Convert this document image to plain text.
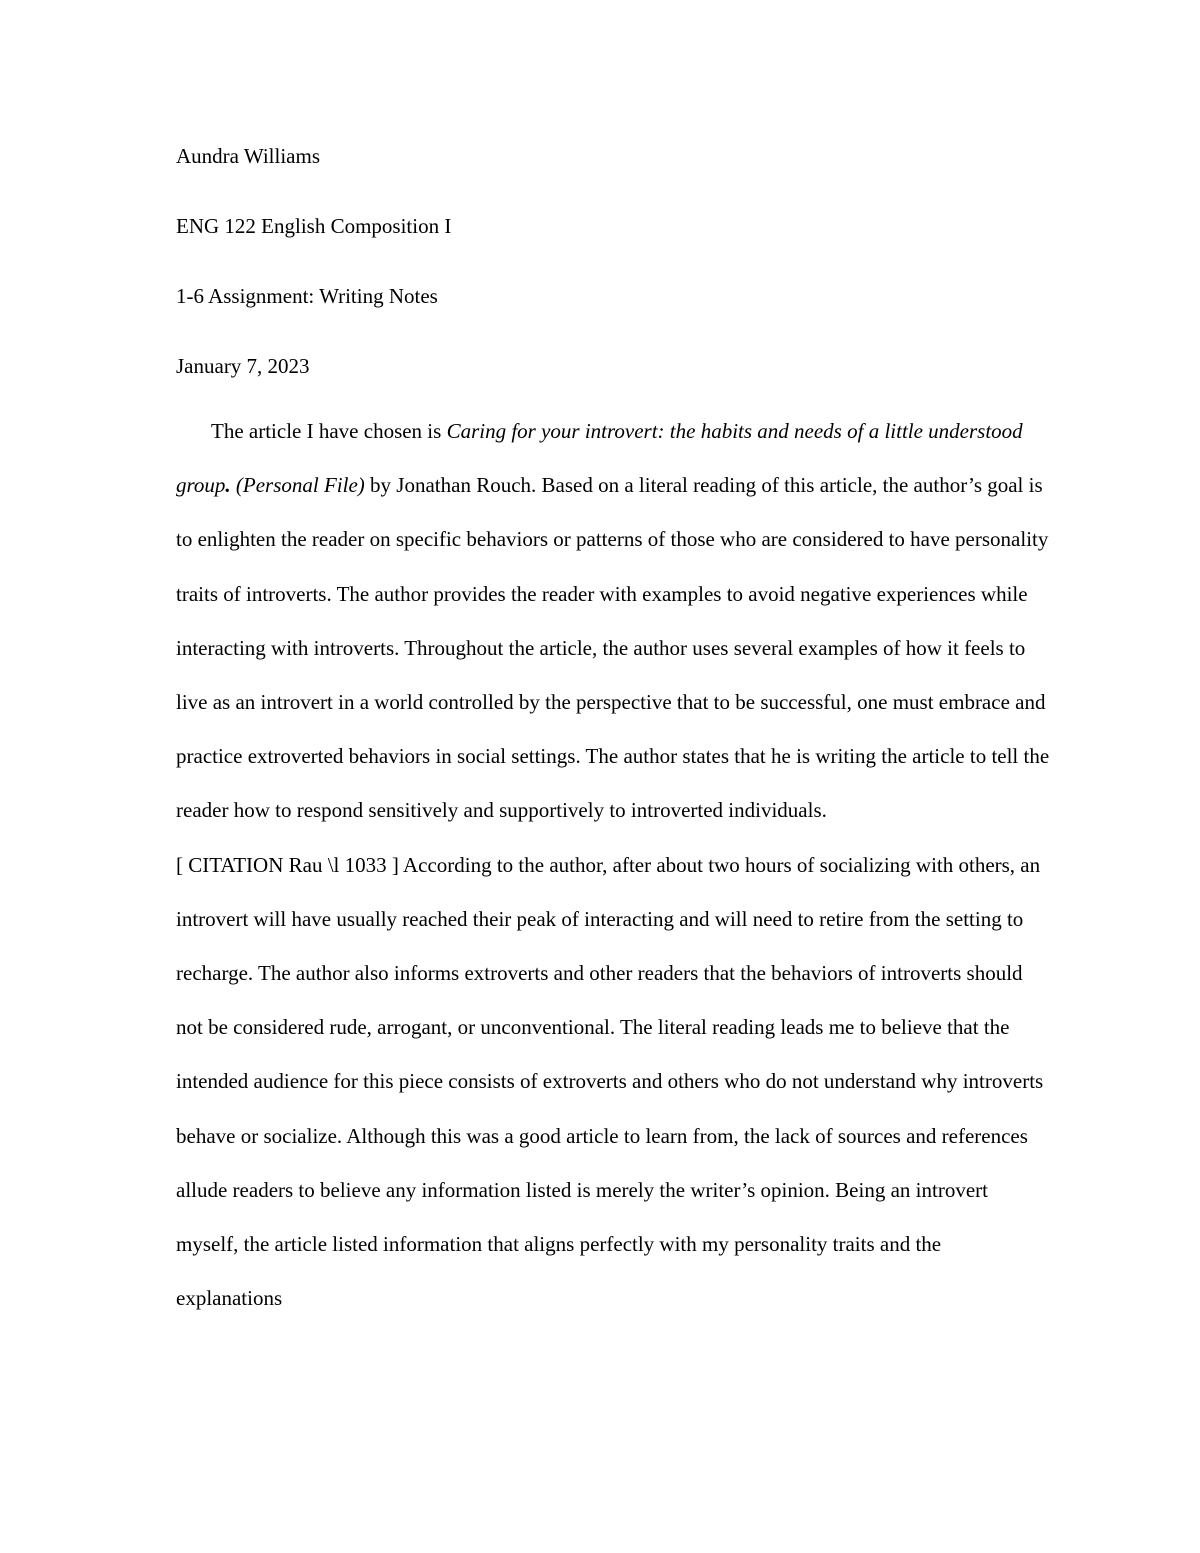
Aundra Williams
ENG 122 English Composition I
1-6 Assignment: Writing Notes
January 7, 2023

The article I have chosen is Caring for your introvert: the habits and needs of a little understood group. (Personal File) by Jonathan Rouch. Based on a literal reading of this article, the author’s goal is to enlighten the reader on specific behaviors or patterns of those who are considered to have personality traits of introverts. The author provides the reader with examples to avoid negative experiences while interacting with introverts. Throughout the article, the author uses several examples of how it feels to live as an introvert in a world controlled by the perspective that to be successful, one must embrace and practice extroverted behaviors in social settings. The author states that he is writing the article to tell the reader how to respond sensitively and supportively to introverted individuals.
[ CITATION Rau \l 1033 ] According to the author, after about two hours of socializing with others, an introvert will have usually reached their peak of interacting and will need to retire from the setting to recharge. The author also informs extroverts and other readers that the behaviors of introverts should not be considered rude, arrogant, or unconventional. The literal reading leads me to believe that the intended audience for this piece consists of extroverts and others who do not understand why introverts behave or socialize. Although this was a good article to learn from, the lack of sources and references allude readers to believe any information listed is merely the writer’s opinion. Being an introvert myself, the article listed information that aligns perfectly with my personality traits and the explanations
